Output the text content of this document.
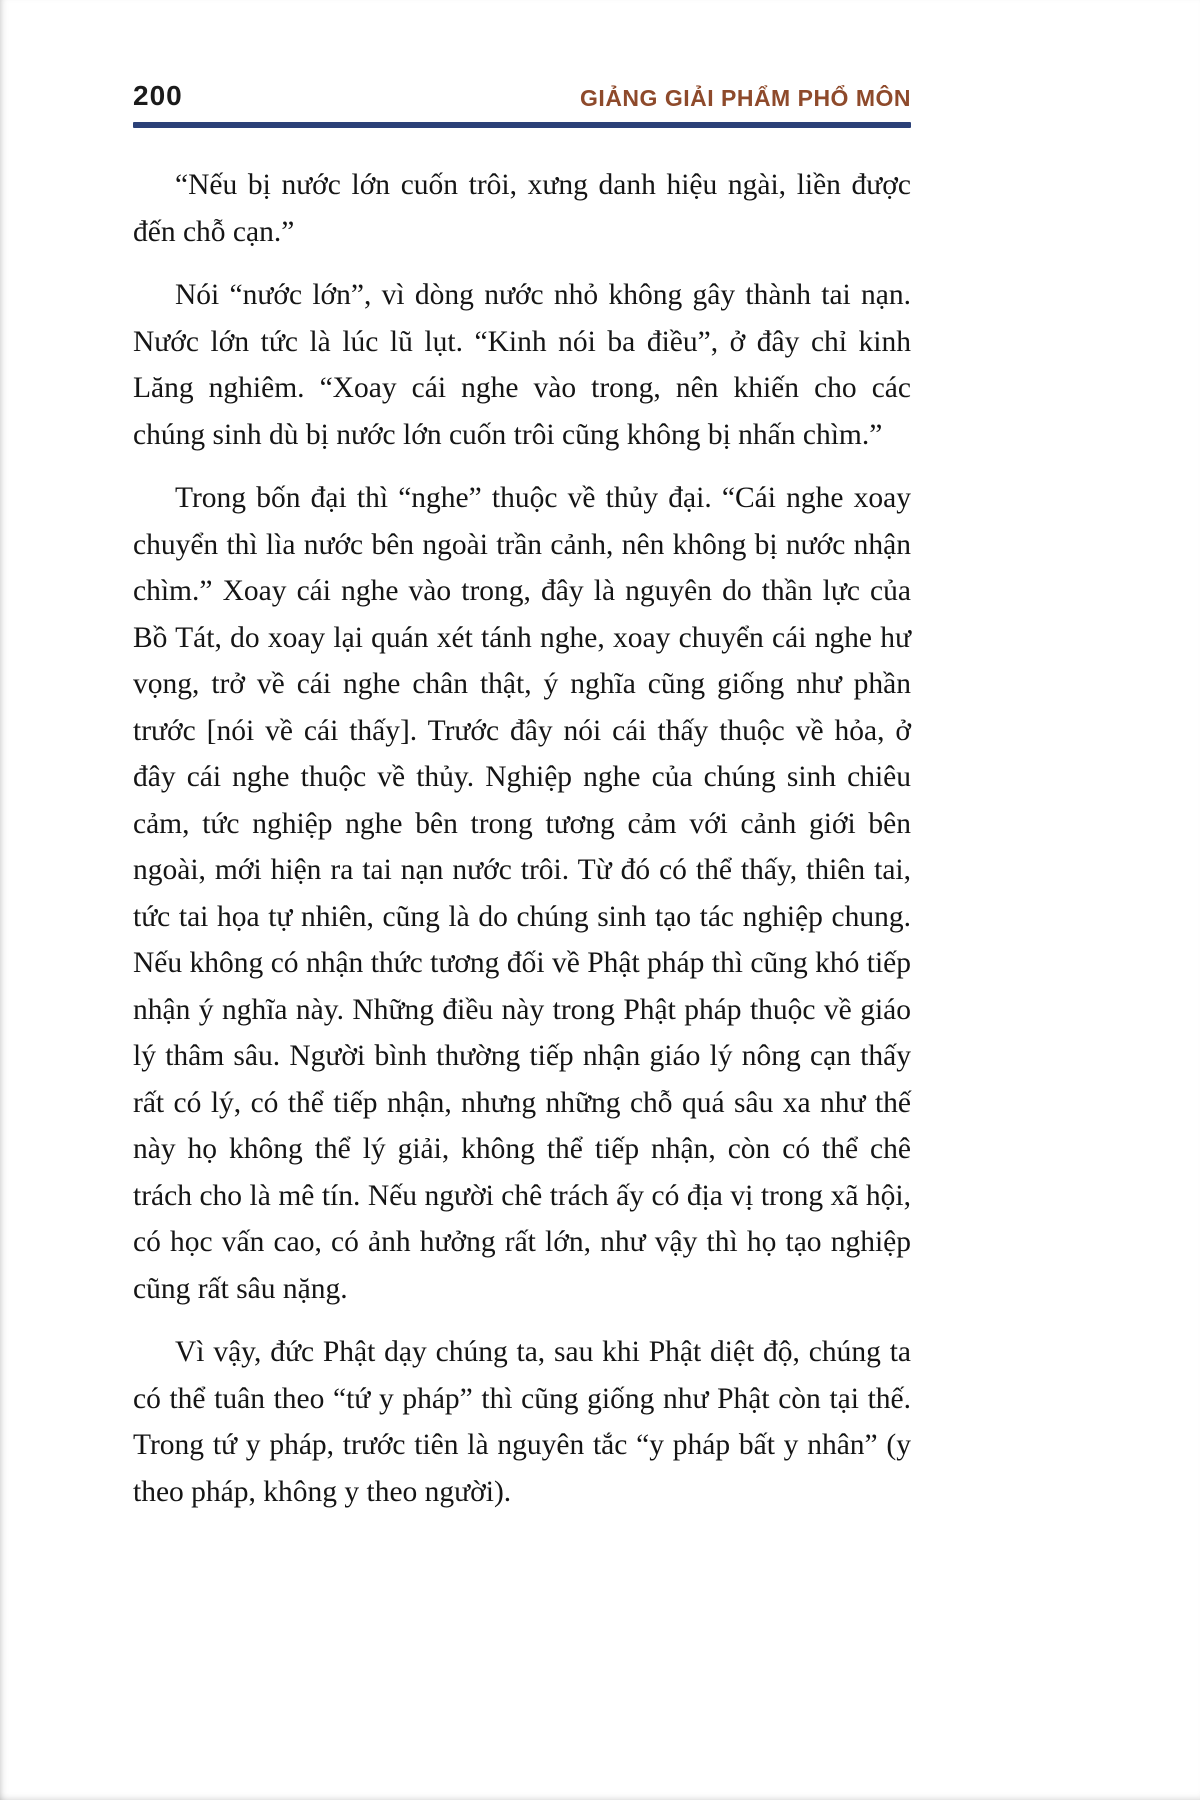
200	GIẢNG GIẢI PHẨM PHỔ MÔN

“Nếu bị nước lớn cuốn trôi, xưng danh hiệu ngài, liền được đến chỗ cạn.”

Nói “nước lớn”, vì dòng nước nhỏ không gây thành tai nạn. Nước lớn tức là lúc lũ lụt. “Kinh nói ba điều”, ở đây chỉ kinh Lăng nghiêm. “Xoay cái nghe vào trong, nên khiến cho các chúng sinh dù bị nước lớn cuốn trôi cũng không bị nhấn chìm.”

Trong bốn đại thì “nghe” thuộc về thủy đại. “Cái nghe xoay chuyển thì lìa nước bên ngoài trần cảnh, nên không bị nước nhận chìm.” Xoay cái nghe vào trong, đây là nguyên do thần lực của Bồ Tát, do xoay lại quán xét tánh nghe, xoay chuyển cái nghe hư vọng, trở về cái nghe chân thật, ý nghĩa cũng giống như phần trước [nói về cái thấy]. Trước đây nói cái thấy thuộc về hỏa, ở đây cái nghe thuộc về thủy. Nghiệp nghe của chúng sinh chiêu cảm, tức nghiệp nghe bên trong tương cảm với cảnh giới bên ngoài, mới hiện ra tai nạn nước trôi. Từ đó có thể thấy, thiên tai, tức tai họa tự nhiên, cũng là do chúng sinh tạo tác nghiệp chung. Nếu không có nhận thức tương đối về Phật pháp thì cũng khó tiếp nhận ý nghĩa này. Những điều này trong Phật pháp thuộc về giáo lý thâm sâu. Người bình thường tiếp nhận giáo lý nông cạn thấy rất có lý, có thể tiếp nhận, nhưng những chỗ quá sâu xa như thế này họ không thể lý giải, không thể tiếp nhận, còn có thể chê trách cho là mê tín. Nếu người chê trách ấy có địa vị trong xã hội, có học vấn cao, có ảnh hưởng rất lớn, như vậy thì họ tạo nghiệp cũng rất sâu nặng.

Vì vậy, đức Phật dạy chúng ta, sau khi Phật diệt độ, chúng ta có thể tuân theo “tứ y pháp” thì cũng giống như Phật còn tại thế. Trong tứ y pháp, trước tiên là nguyên tắc “y pháp bất y nhân” (y theo pháp, không y theo người).
